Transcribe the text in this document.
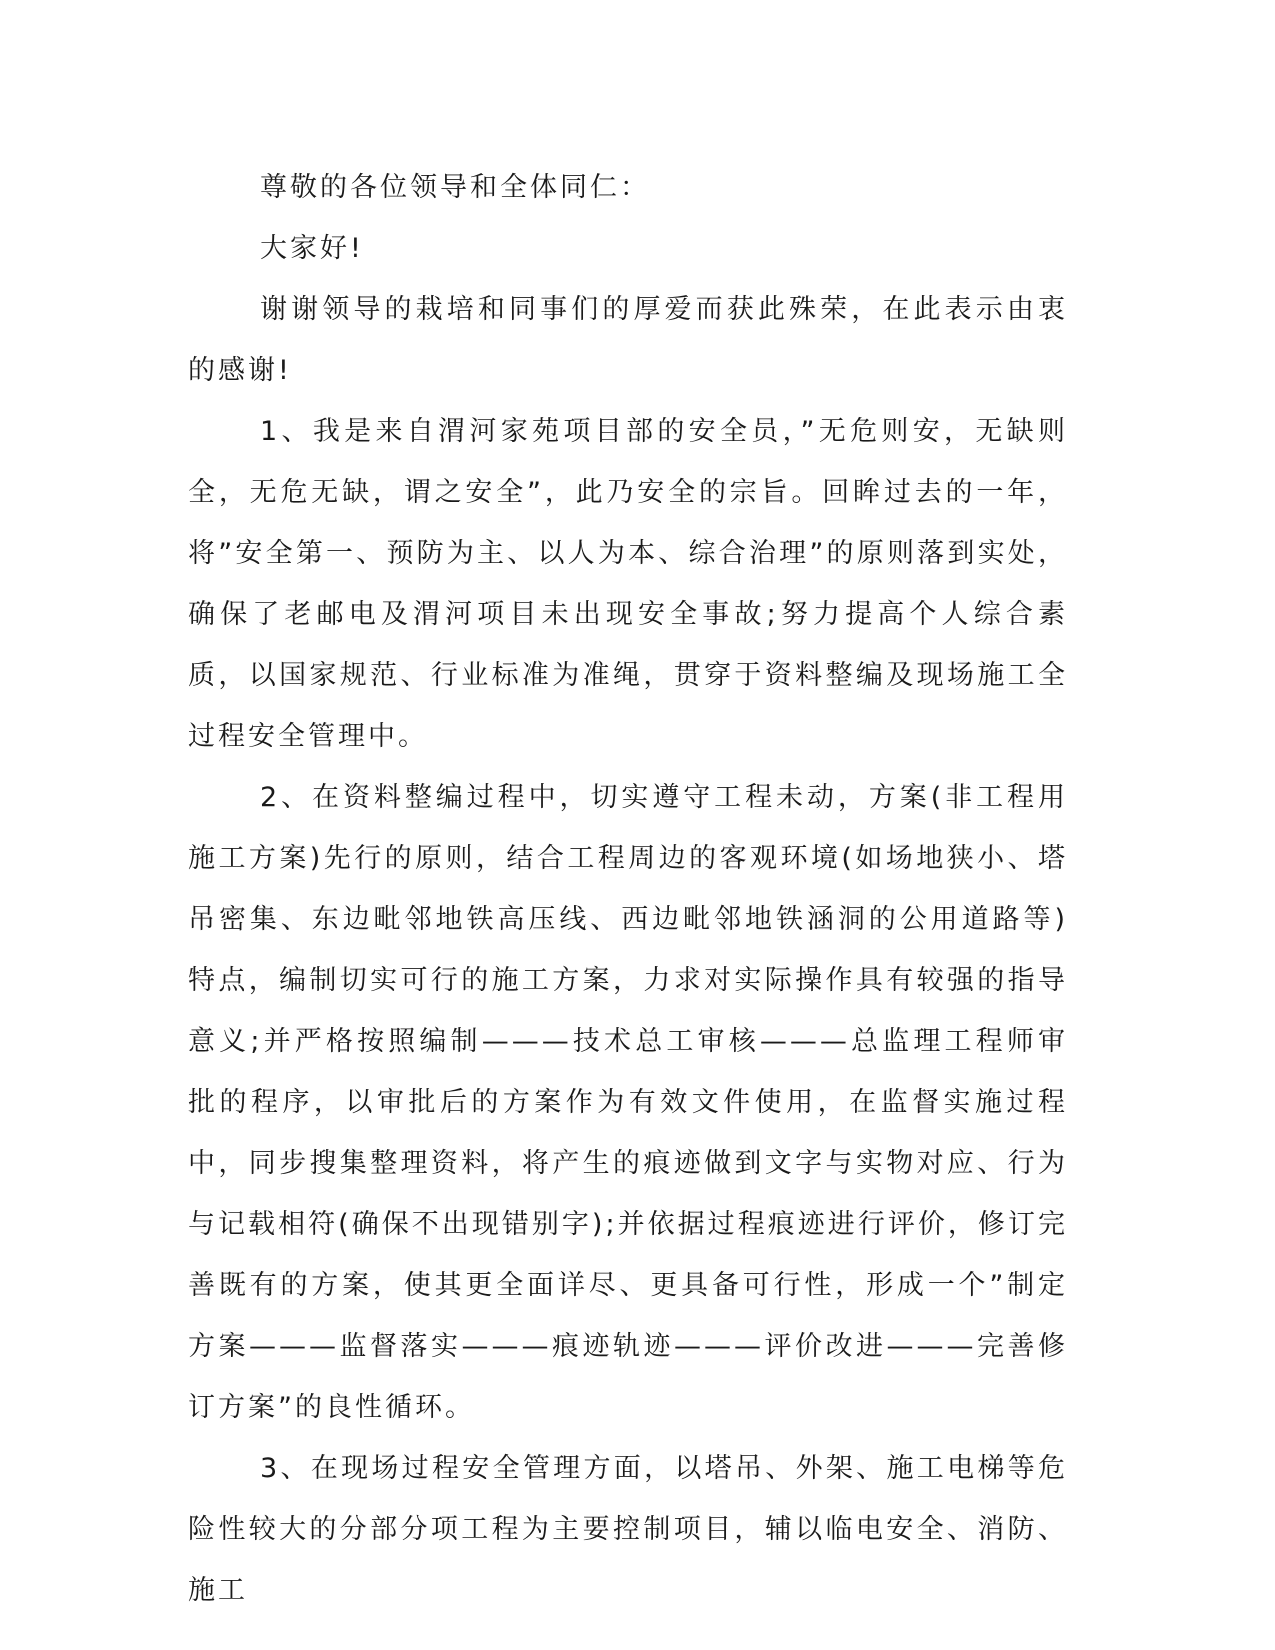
尊敬的各位领导和全体同仁：

大家好!

谢谢领导的栽培和同事们的厚爱而获此殊荣，在此表示由衷的感谢!

1、我是来自渭河家苑项目部的安全员，”无危则安，无缺则全，无危无缺，谓之安全”，此乃安全的宗旨。回眸过去的一年，将”安全第一、预防为主、以人为本、综合治理”的原则落到实处，确保了老邮电及渭河项目未出现安全事故;努力提高个人综合素质，以国家规范、行业标准为准绳，贯穿于资料整编及现场施工全过程安全管理中。

2、在资料整编过程中，切实遵守工程未动，方案(非工程用施工方案)先行的原则，结合工程周边的客观环境(如场地狭小、塔吊密集、东边毗邻地铁高压线、西边毗邻地铁涵洞的公用道路等)特点，编制切实可行的施工方案，力求对实际操作具有较强的指导意义;并严格按照编制———技术总工审核———总监理工程师审批的程序，以审批后的方案作为有效文件使用，在监督实施过程中，同步搜集整理资料，将产生的痕迹做到文字与实物对应、行为与记载相符(确保不出现错别字);并依据过程痕迹进行评价，修订完善既有的方案，使其更全面详尽、更具备可行性，形成一个”制定方案———监督落实———痕迹轨迹———评价改进———完善修订方案”的良性循环。

3、在现场过程安全管理方面，以塔吊、外架、施工电梯等危险性较大的分部分项工程为主要控制项目，辅以临电安全、消防、施工
